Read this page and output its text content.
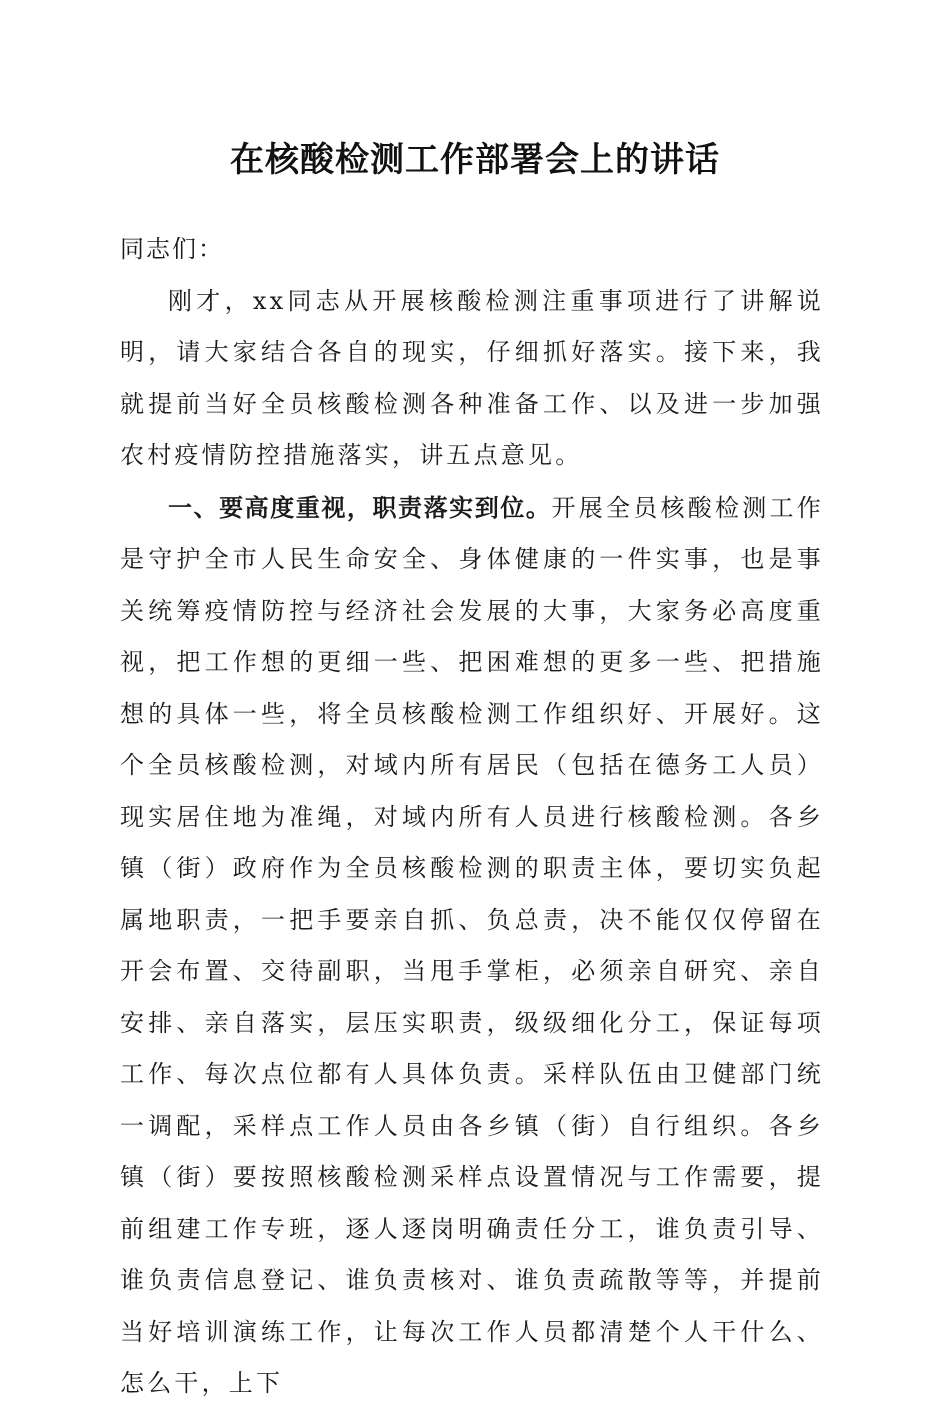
在核酸检测工作部署会上的讲话

同志们：

刚才，xx同志从开展核酸检测注重事项进行了讲解说明，请大家结合各自的现实，仔细抓好落实。接下来，我就提前当好全员核酸检测各种准备工作、以及进一步加强农村疫情防控措施落实，讲五点意见。

一、要高度重视，职责落实到位。开展全员核酸检测工作是守护全市人民生命安全、身体健康的一件实事，也是事关统筹疫情防控与经济社会发展的大事，大家务必高度重视，把工作想的更细一些、把困难想的更多一些、把措施想的具体一些，将全员核酸检测工作组织好、开展好。这个全员核酸检测，对域内所有居民（包括在德务工人员）现实居住地为准绳，对域内所有人员进行核酸检测。各乡镇（街）政府作为全员核酸检测的职责主体，要切实负起属地职责，一把手要亲自抓、负总责，决不能仅仅停留在开会布置、交待副职，当甩手掌柜，必须亲自研究、亲自安排、亲自落实，层压实职责，级级细化分工，保证每项工作、每次点位都有人具体负责。采样队伍由卫健部门统一调配，采样点工作人员由各乡镇（街）自行组织。各乡镇（街）要按照核酸检测采样点设置情况与工作需要，提前组建工作专班，逐人逐岗明确责任分工，谁负责引导、谁负责信息登记、谁负责核对、谁负责疏散等等，并提前当好培训演练工作，让每次工作人员都清楚个人干什么、怎么干，上下
